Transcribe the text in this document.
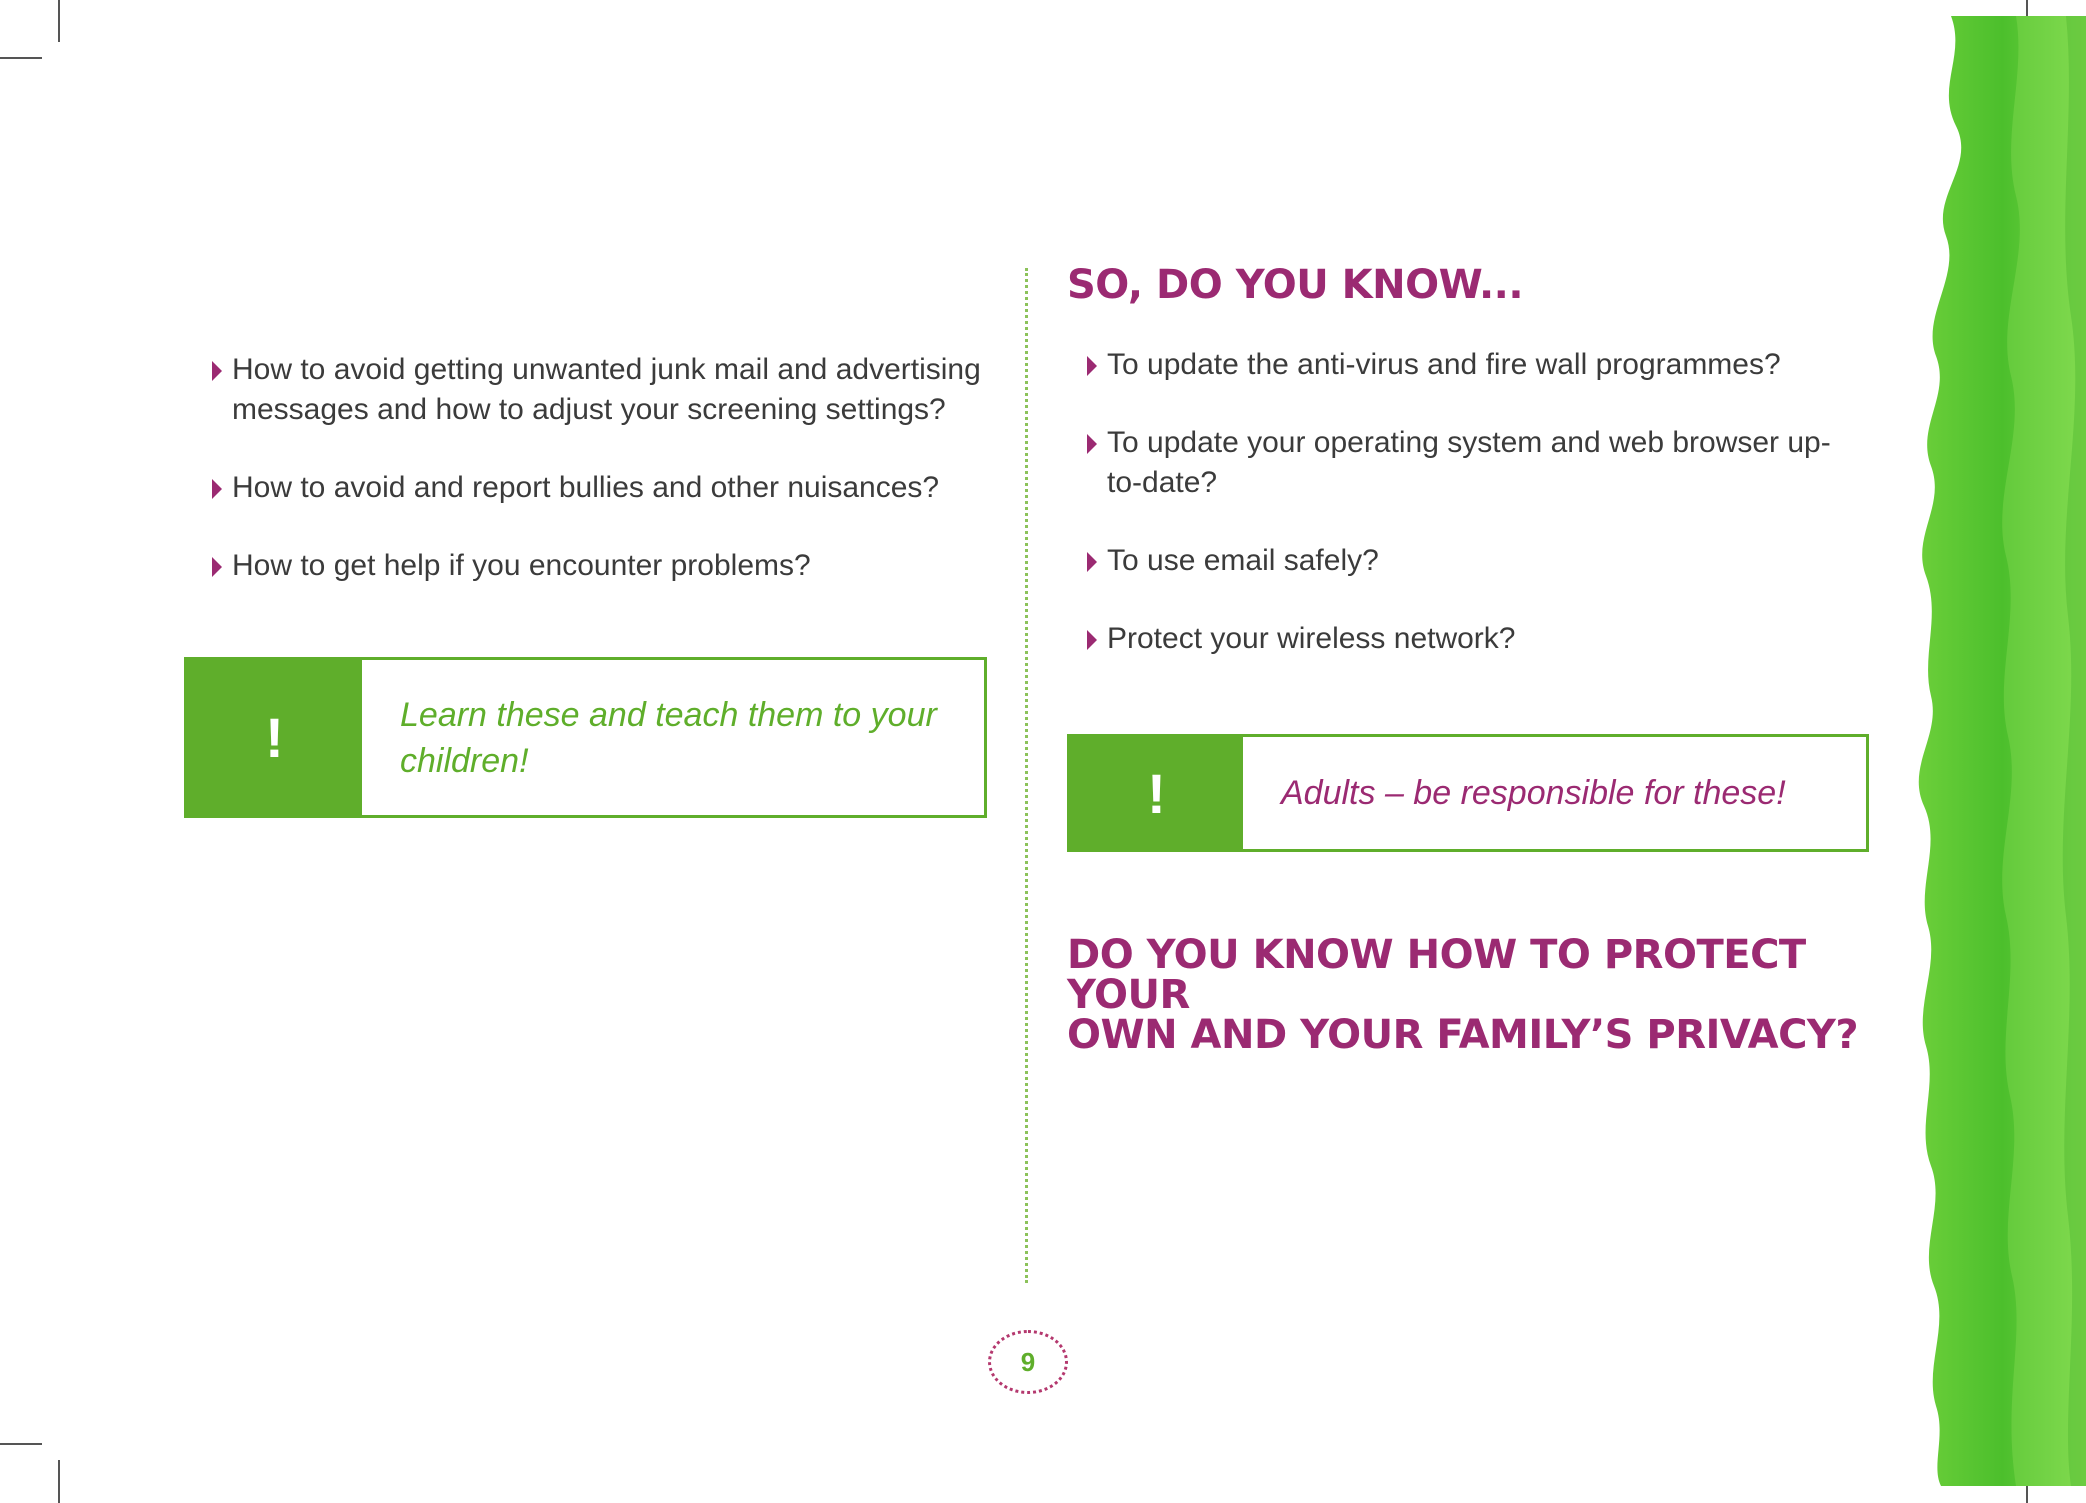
How to avoid getting unwanted junk mail and advertising messages and how to adjust your screening settings?
How to avoid and report bullies and other nuisances?
How to get help if you encounter problems?
!	Learn these and teach them to your children!
SO, DO YOU KNOW...
To update the anti-virus and fire wall programmes?
To update your operating system and web browser up-to-date?
To use email safely?
Protect your wireless network?
!	Adults – be responsible for these!
DO YOU KNOW HOW TO PROTECT YOUR
OWN AND YOUR FAMILY’S PRIVACY?
9
